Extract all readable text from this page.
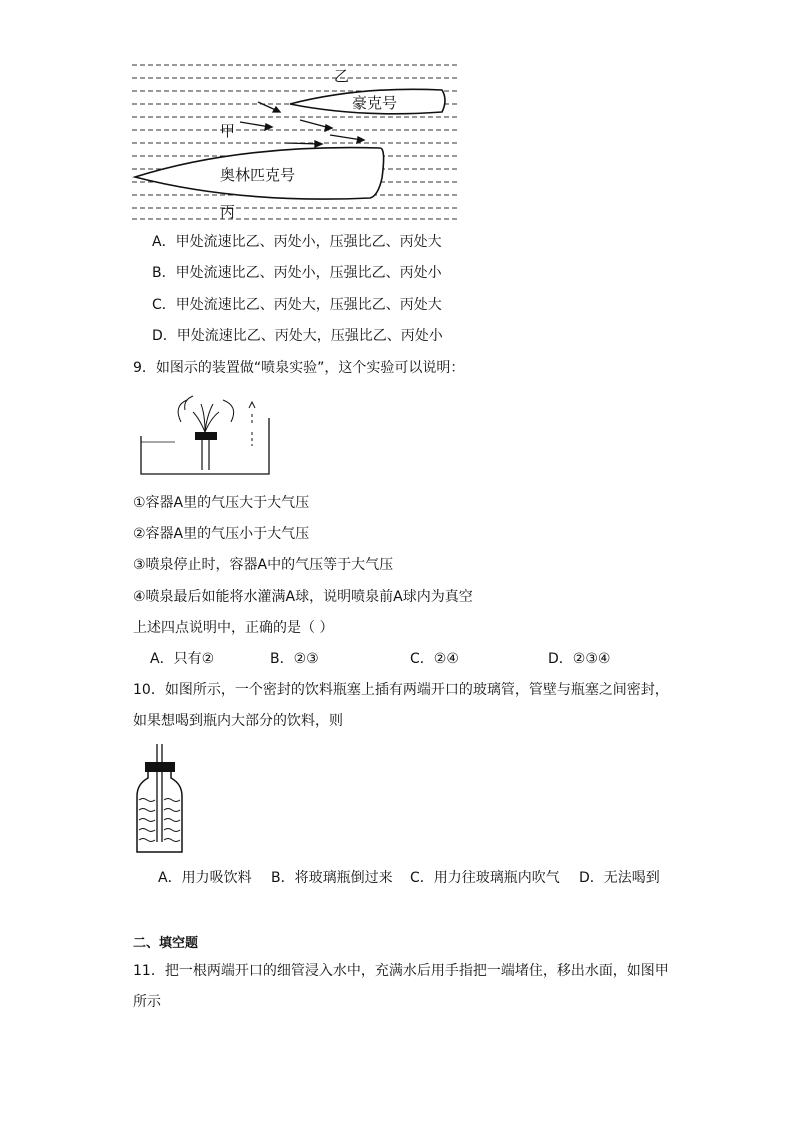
豪克号
奥林匹克号
乙
甲
丙
A．甲处流速比乙、丙处小，压强比乙、丙处大
B．甲处流速比乙、丙处小，压强比乙、丙处小
C．甲处流速比乙、丙处大，压强比乙、丙处大
D．甲处流速比乙、丙处大，压强比乙、丙处小
9．如图示的装置做“喷泉实验”，这个实验可以说明：
①容器A里的气压大于大气压
②容器A里的气压小于大气压
③喷泉停止时，容器A中的气压等于大气压
④喷泉最后如能将水灌满A球，说明喷泉前A球内为真空
上述四点说明中，正确的是（ ）
A．只有②	B．②③	C．②④	D．②③④
10．如图所示，一个密封的饮料瓶塞上插有两端开口的玻璃管，管壁与瓶塞之间密封，
如果想喝到瓶内大部分的饮料，则
A．用力吸饮料 B．将玻璃瓶倒过来 C．用力往玻璃瓶内吹气 D．无法喝到
二、填空题
11．把一根两端开口的细管浸入水中，充满水后用手指把一端堵住，移出水面，如图甲
所示
